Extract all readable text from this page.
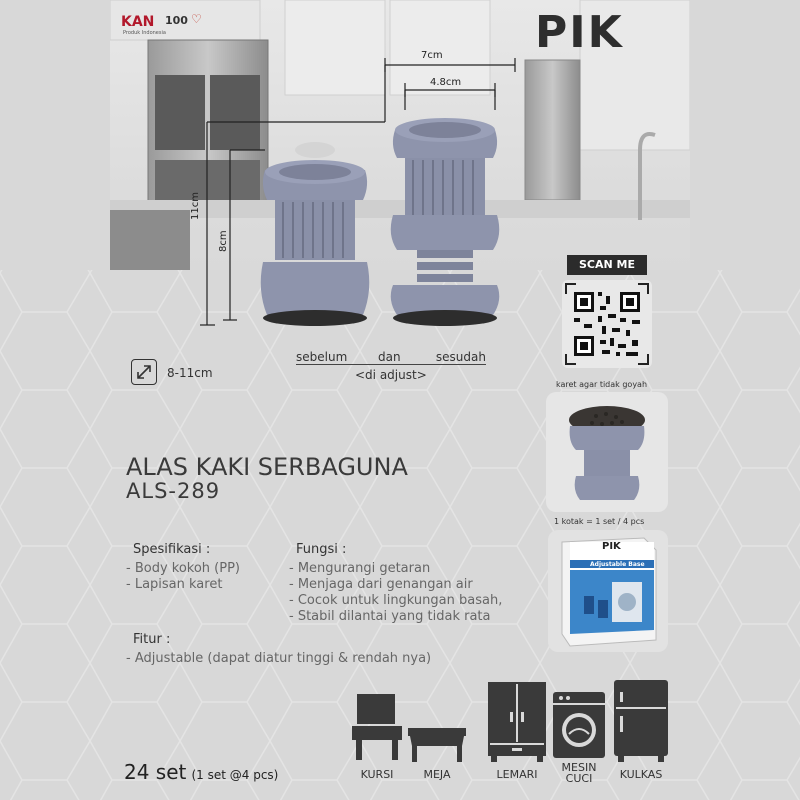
KAN 100 ♡
Produk Indonesia	PIK
7cm
4.8cm
11cm
8cm
sebelum	dan	sesudah
<di adjust>
8-11cm
SCAN ME
karet agar tidak goyah
1 kotak = 1 set / 4 pcs
PIK
Adjustable Base
ALAS KAKI SERBAGUNA
ALS-289
Spesifikasi :
- Body kokoh (PP)
- Lapisan karet
Fungsi :
- Mengurangi getaran
- Menjaga dari genangan air
- Cocok untuk lingkungan basah,
- Stabil dilantai yang tidak rata
Fitur :
- Adjustable (dapat diatur tinggi & rendah nya)
24 set (1 set @4 pcs)	KURSI	MEJA	LEMARI
MESIN
CUCI	KULKAS
